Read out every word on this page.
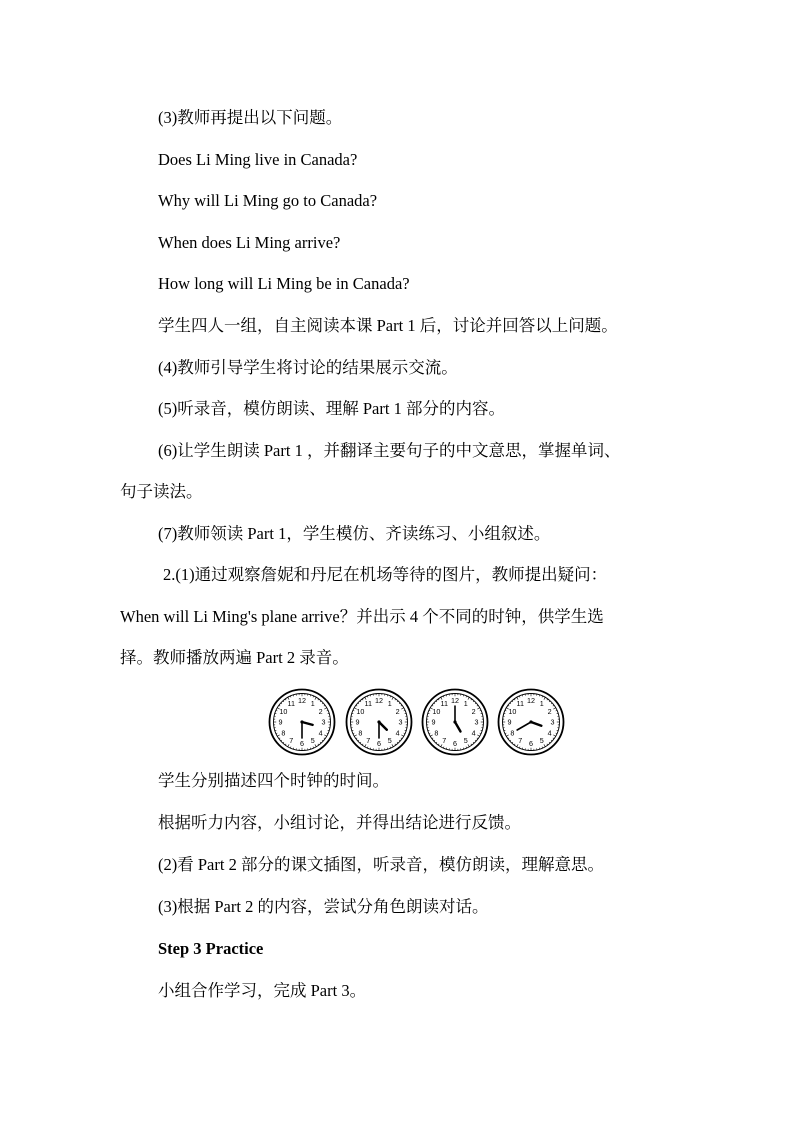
(3)教师再提出以下问题。
Does Li Ming live in Canada?
Why will Li Ming go to Canada?
When does Li Ming arrive?
How long will Li Ming be in Canada?
学生四人一组，自主阅读本课 Part 1 后，讨论并回答以上问题。
(4)教师引导学生将讨论的结果展示交流。
(5)听录音，模仿朗读、理解 Part 1 部分的内容。
(6)让学生朗读 Part 1 ，并翻译主要句子的中文意思，掌握单词、
句子读法。
(7)教师领读 Part 1，学生模仿、齐读练习、小组叙述。
2.(1)通过观察詹妮和丹尼在机场等待的图片，教师提出疑问：
When will Li Ming's plane arrive？并出示 4 个不同的时钟，供学生选
择。教师播放两遍 Part 2 录音。
12 1
2
3
4
5
6
7
8
9
10
11	12 1
2
3
4
5
6
7
8
9
10
11	12 1
2
3
4
5
6
7
8
9
10
11	12 1
2
3
4
5
6
7
8
9
10
11
学生分别描述四个时钟的时间。
根据听力内容，小组讨论，并得出结论进行反馈。
(2)看 Part 2 部分的课文插图，听录音，模仿朗读，理解意思。
(3)根据 Part 2 的内容，尝试分角色朗读对话。
Step 3 Practice
小组合作学习，完成 Part 3。
